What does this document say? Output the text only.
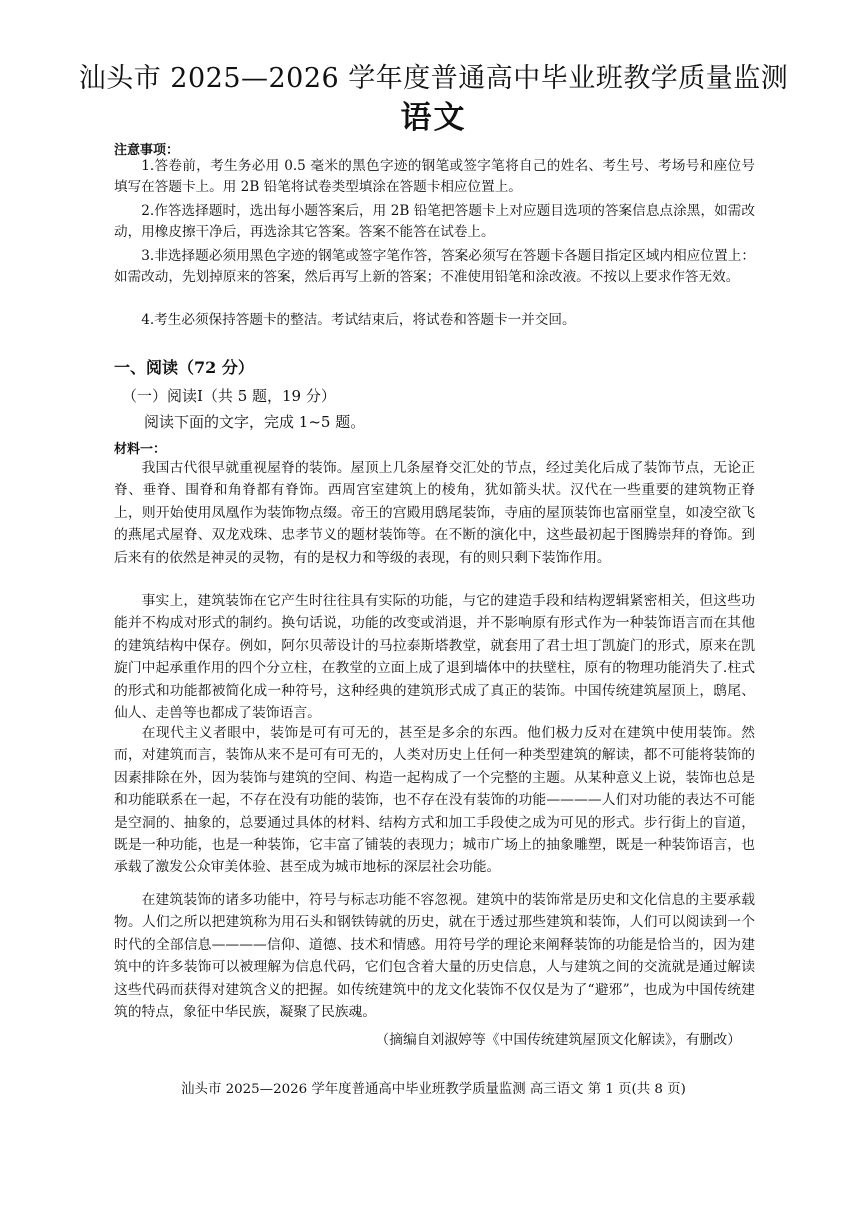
汕头市 2025—2026 学年度普通高中毕业班教学质量监测
语文
注意事项：

1.答卷前，考生务必用 0.5 毫米的黑色字迹的钢笔或签字笔将自己的姓名、考生号、考场号和座位号填写在答题卡上。用 2B 铅笔将试卷类型填涂在答题卡相应位置上。

2.作答选择题时，选出每小题答案后，用 2B 铅笔把答题卡上对应题目选项的答案信息点涂黑，如需改动，用橡皮擦干净后，再选涂其它答案。答案不能答在试卷上。

3.非选择题必须用黑色字迹的钢笔或签字笔作答，答案必须写在答题卡各题目指定区域内相应位置上：如需改动，先划掉原来的答案，然后再写上新的答案；不准使用铅笔和涂改液。不按以上要求作答无效。

4.考生必须保持答题卡的整洁。考试结束后，将试卷和答题卡一并交回。

一、阅读（72 分）
（一）阅读Ⅰ（共 5 题，19 分）
阅读下面的文字，完成 1~5 题。
材料一：

我国古代很早就重视屋脊的装饰。屋顶上几条屋脊交汇处的节点，经过美化后成了装饰节点，无论正脊、垂脊、围脊和角脊都有脊饰。西周宫室建筑上的棱角，犹如箭头状。汉代在一些重要的建筑物正脊上，则开始使用凤凰作为装饰物点缀。帝王的宫殿用鸱尾装饰，寺庙的屋顶装饰也富丽堂皇，如凌空欲飞的燕尾式屋脊、双龙戏珠、忠孝节义的题材装饰等。在不断的演化中，这些最初起于图腾崇拜的脊饰。到后来有的依然是神灵的灵物，有的是权力和等级的表现，有的则只剩下装饰作用。

事实上，建筑装饰在它产生时往往具有实际的功能，与它的建造手段和结构逻辑紧密相关，但这些功能并不构成对形式的制约。换句话说，功能的改变或消退，并不影响原有形式作为一种装饰语言而在其他的建筑结构中保存。例如，阿尔贝蒂设计的马拉泰斯塔教堂，就套用了君士坦丁凯旋门的形式，原来在凯旋门中起承重作用的四个分立柱，在教堂的立面上成了退到墙体中的扶壁柱，原有的物理功能消失了.柱式的形式和功能都被简化成一种符号，这种经典的建筑形式成了真正的装饰。中国传统建筑屋顶上，鸱尾、仙人、走兽等也都成了装饰语言。

在现代主义者眼中，装饰是可有可无的，甚至是多余的东西。他们极力反对在建筑中使用装饰。然而，对建筑而言，装饰从来不是可有可无的，人类对历史上任何一种类型建筑的解读，都不可能将装饰的因素排除在外，因为装饰与建筑的空间、构造一起构成了一个完整的主题。从某种意义上说，装饰也总是和功能联系在一起，不存在没有功能的装饰，也不存在没有装饰的功能————人们对功能的表达不可能是空洞的、抽象的，总要通过具体的材料、结构方式和加工手段使之成为可见的形式。步行街上的盲道，既是一种功能，也是一种装饰，它丰富了铺装的表现力；城市广场上的抽象雕塑，既是一种装饰语言，也承载了激发公众审美体验、甚至成为城市地标的深层社会功能。

在建筑装饰的诸多功能中，符号与标志功能不容忽视。建筑中的装饰常是历史和文化信息的主要承载物。人们之所以把建筑称为用石头和钢铁铸就的历史，就在于透过那些建筑和装饰，人们可以阅读到一个时代的全部信息————信仰、道德、技术和情感。用符号学的理论来阐释装饰的功能是恰当的，因为建筑中的许多装饰可以被理解为信息代码，它们包含着大量的历史信息，人与建筑之间的交流就是通过解读这些代码而获得对建筑含义的把握。如传统建筑中的龙文化装饰不仅仅是为了“避邪”，也成为中国传统建筑的特点，象征中华民族，凝聚了民族魂。

（摘编自刘淑婷等《中国传统建筑屋顶文化解读》，有删改）
汕头市 2025—2026 学年度普通高中毕业班教学质量监测 高三语文 第 1 页(共 8 页)
